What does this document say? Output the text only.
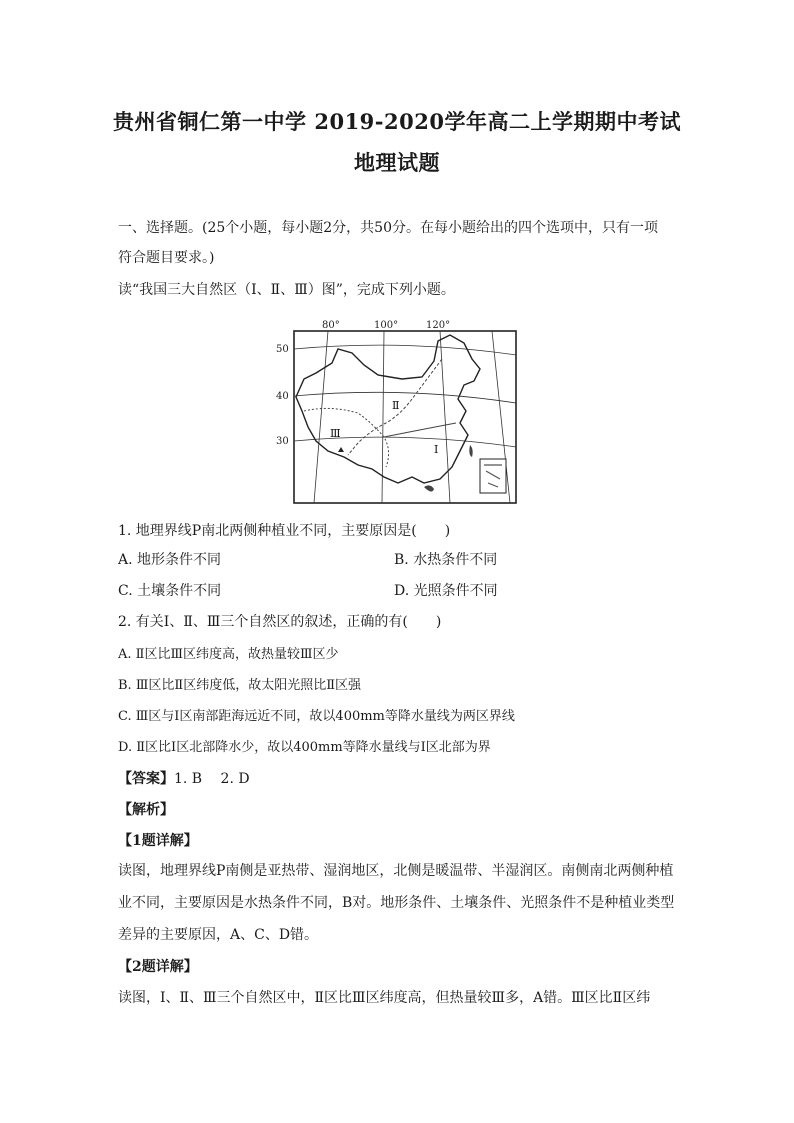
贵州省铜仁第一中学 2019-2020学年高二上学期期中考试
地理试题
一、选择题。(25个小题，每小题2分，共50分。在每小题给出的四个选项中，只有一项
符合题目要求。)
读“我国三大自然区（Ⅰ、Ⅱ、Ⅲ）图”，完成下列小题。
80°	100°	120°
50
40
30
Ⅰ
Ⅱ
Ⅲ
1. 地理界线P南北两侧种植业不同，主要原因是(　　)
A. 地形条件不同	B. 水热条件不同
C. 土壤条件不同	D. 光照条件不同
2. 有关Ⅰ、Ⅱ、Ⅲ三个自然区的叙述，正确的有(　　)
A. Ⅱ区比Ⅲ区纬度高，故热量较Ⅲ区少
B. Ⅲ区比Ⅱ区纬度低，故太阳光照比Ⅱ区强
C. Ⅲ区与Ⅰ区南部距海远近不同，故以400mm等降水量线为两区界线
D. Ⅱ区比Ⅰ区北部降水少，故以400mm等降水量线与Ⅰ区北部为界
【答案】1. B　 2. D
【解析】
【1题详解】
读图，地理界线P南侧是亚热带、湿润地区，北侧是暖温带、半湿润区。南侧南北两侧种植
业不同，主要原因是水热条件不同，B对。地形条件、土壤条件、光照条件不是种植业类型
差异的主要原因，A、C、D错。
【2题详解】
读图，Ⅰ、Ⅱ、Ⅲ三个自然区中，Ⅱ区比Ⅲ区纬度高，但热量较Ⅲ多，A错。Ⅲ区比Ⅱ区纬
